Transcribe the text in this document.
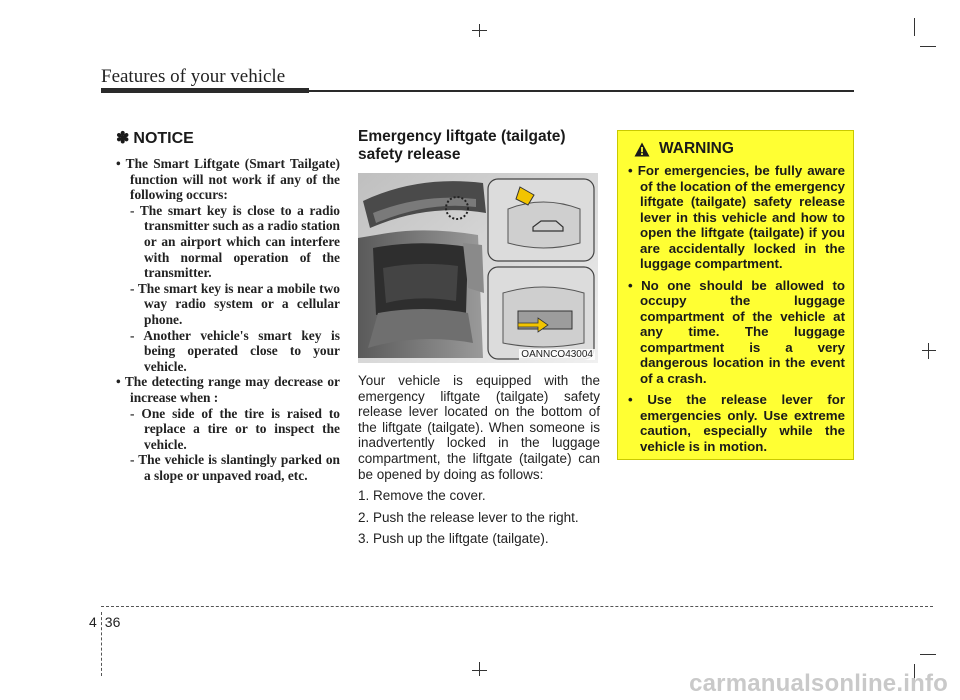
Features of your vehicle
✽ NOTICE

• The Smart Liftgate (Smart Tailgate) function will not work if any of the following occurs:

- The smart key is close to a radio transmitter such as a radio station or an airport which can interfere with normal operation of the transmitter.

- The smart key is near a mobile two way radio system or a cellular phone.

- Another vehicle's smart key is being operated close to your vehicle.

• The detecting range may decrease or increase when :

- One side of the tire is raised to replace a tire or to inspect the vehicle.

- The vehicle is slantingly parked on a slope or unpaved road, etc.

Emergency liftgate (tailgate) safety release
OANNCO43004

Your vehicle is equipped with the emergency liftgate (tailgate) safety release lever located on the bottom of the liftgate (tailgate). When someone is inadvertently locked in the luggage compartment, the liftgate (tailgate) can be opened by doing as follows:

1. Remove the cover.

2. Push the release lever to the right.

3. Push up the liftgate (tailgate).

WARNING

• For emergencies, be fully aware of the location of the emergency liftgate (tailgate) safety release lever in this vehicle and how to open the liftgate (tailgate) if you are accidentally locked in the luggage compartment.

• No one should be allowed to occupy the luggage compartment of the vehicle at any time. The luggage compartment is a very dangerous location in the event of a crash.

• Use the release lever for emergencies only. Use extreme caution, especially while the vehicle is in motion.

4 36
carmanualsonline.info
